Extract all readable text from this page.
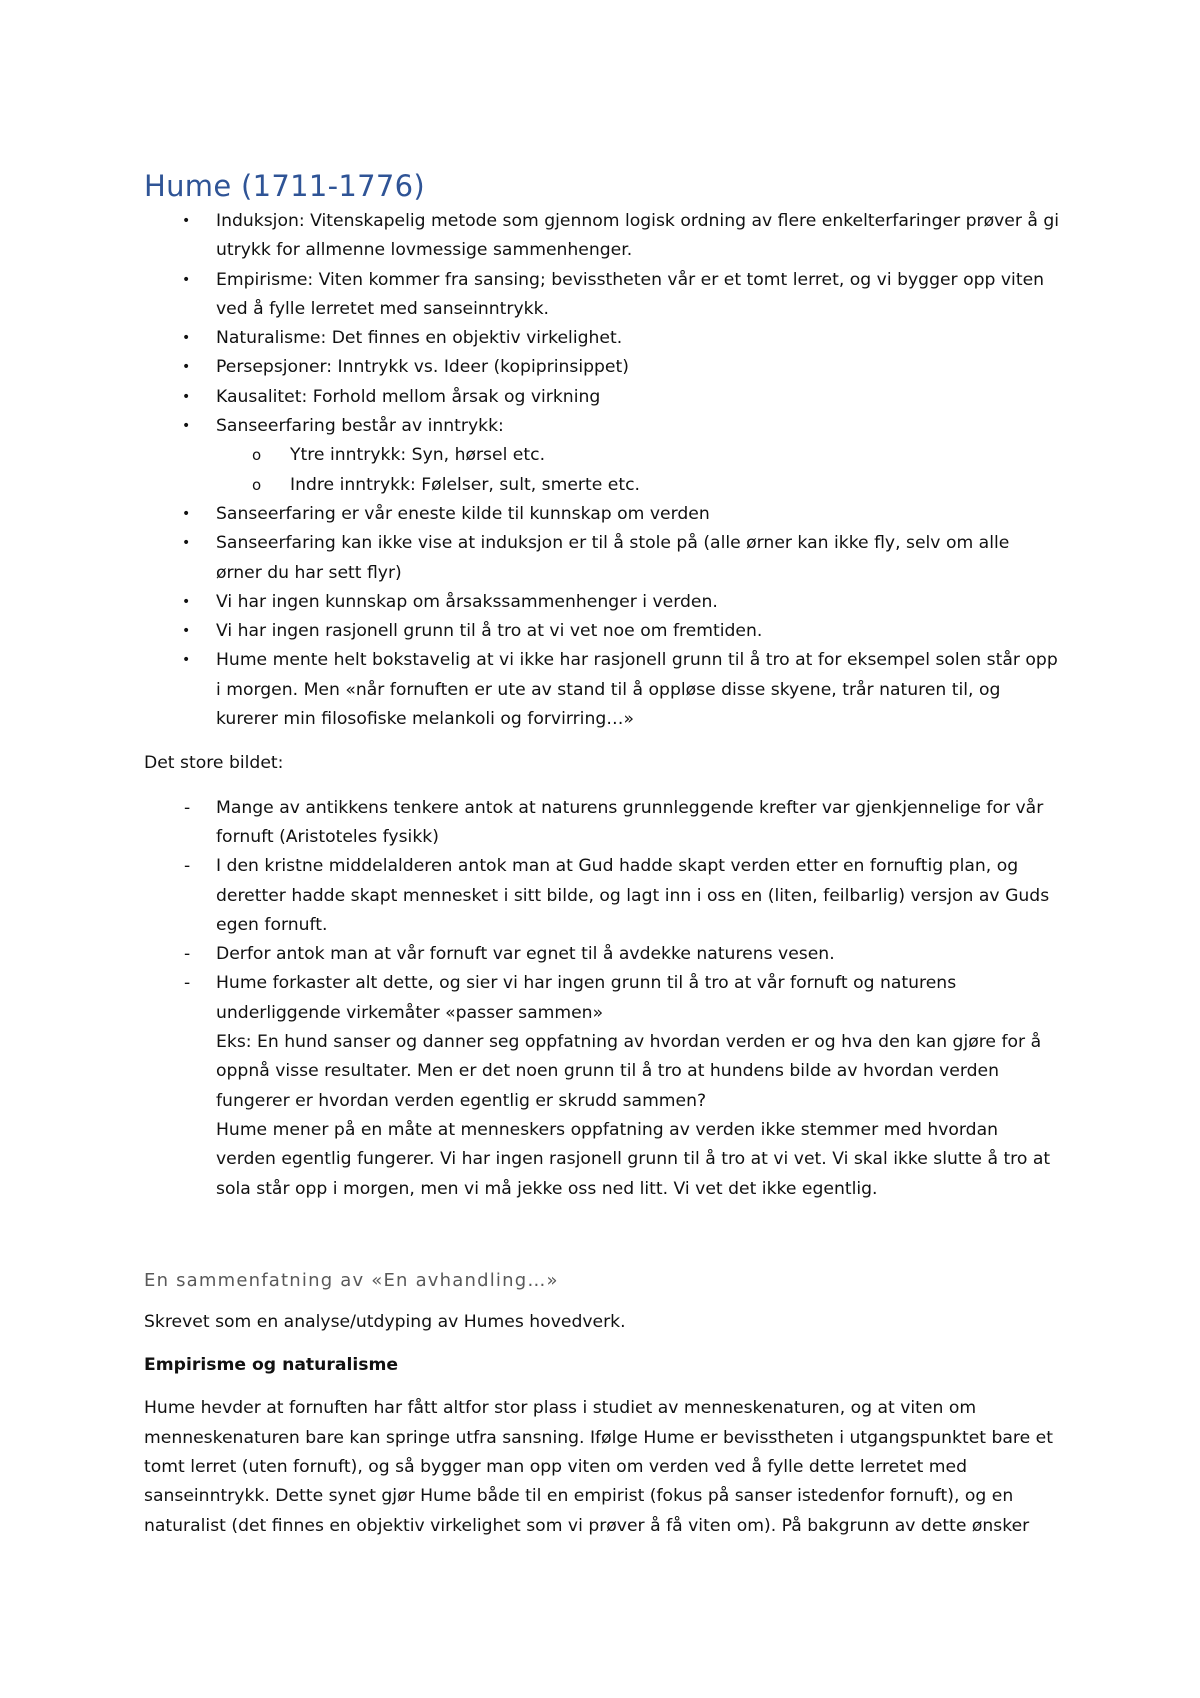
Hume (1711-1776)
• Induksjon: Vitenskapelig metode som gjennom logisk ordning av flere enkelterfaringer prøver å gi utrykk for allmenne lovmessige sammenhenger.
• Empirisme: Viten kommer fra sansing; bevisstheten vår er et tomt lerret, og vi bygger opp viten ved å fylle lerretet med sanseinntrykk.
• Naturalisme: Det finnes en objektiv virkelighet.
• Persepsjoner: Inntrykk vs. Ideer (kopiprinsippet)
• Kausalitet: Forhold mellom årsak og virkning
• Sanseerfaring består av inntrykk:
o Ytre inntrykk: Syn, hørsel etc.
o Indre inntrykk: Følelser, sult, smerte etc.
• Sanseerfaring er vår eneste kilde til kunnskap om verden
• Sanseerfaring kan ikke vise at induksjon er til å stole på (alle ørner kan ikke fly, selv om alle ørner du har sett flyr)
• Vi har ingen kunnskap om årsakssammenhenger i verden.
• Vi har ingen rasjonell grunn til å tro at vi vet noe om fremtiden.
• Hume mente helt bokstavelig at vi ikke har rasjonell grunn til å tro at for eksempel solen står opp i morgen. Men «når fornuften er ute av stand til å oppløse disse skyene, trår naturen til, og kurerer min filosofiske melankoli og forvirring…»

Det store bildet:

- Mange av antikkens tenkere antok at naturens grunnleggende krefter var gjenkjennelige for vår fornuft (Aristoteles fysikk)
- I den kristne middelalderen antok man at Gud hadde skapt verden etter en fornuftig plan, og deretter hadde skapt mennesket i sitt bilde, og lagt inn i oss en (liten, feilbarlig) versjon av Guds egen fornuft.
- Derfor antok man at vår fornuft var egnet til å avdekke naturens vesen.
- Hume forkaster alt dette, og sier vi har ingen grunn til å tro at vår fornuft og naturens underliggende virkemåter «passer sammen»
Eks: En hund sanser og danner seg oppfatning av hvordan verden er og hva den kan gjøre for å oppnå visse resultater. Men er det noen grunn til å tro at hundens bilde av hvordan verden fungerer er hvordan verden egentlig er skrudd sammen?
Hume mener på en måte at menneskers oppfatning av verden ikke stemmer med hvordan verden egentlig fungerer. Vi har ingen rasjonell grunn til å tro at vi vet. Vi skal ikke slutte å tro at sola står opp i morgen, men vi må jekke oss ned litt. Vi vet det ikke egentlig.
En sammenfatning av «En avhandling…»

Skrevet som en analyse/utdyping av Humes hovedverk.

Empirisme og naturalisme

Hume hevder at fornuften har fått altfor stor plass i studiet av menneskenaturen, og at viten om menneskenaturen bare kan springe utfra sansning. Ifølge Hume er bevisstheten i utgangspunktet bare et tomt lerret (uten fornuft), og så bygger man opp viten om verden ved å fylle dette lerretet med sanseinntrykk. Dette synet gjør Hume både til en empirist (fokus på sanser istedenfor fornuft), og en naturalist (det finnes en objektiv virkelighet som vi prøver å få viten om). På bakgrunn av dette ønsker
